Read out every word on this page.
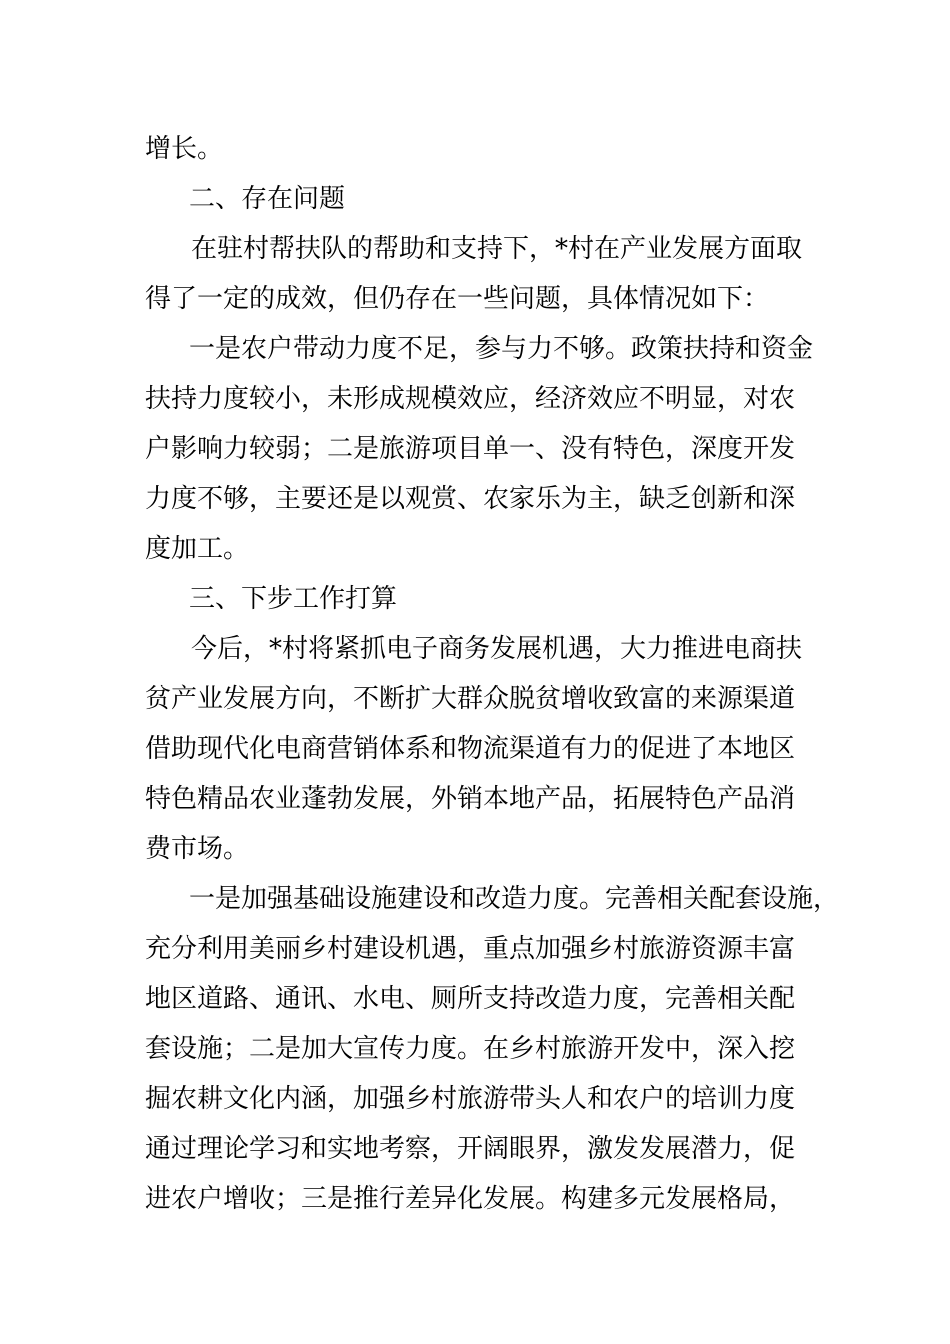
增长。
二、存在问题
在驻村帮扶队的帮助和支持下，*村在产业发展方面取
得了一定的成效，但仍存在一些问题，具体情况如下：
一是农户带动力度不足，参与力不够。政策扶持和资金
扶持力度较小，未形成规模效应，经济效应不明显，对农
户影响力较弱；二是旅游项目单一、没有特色，深度开发
力度不够，主要还是以观赏、农家乐为主，缺乏创新和深
度加工。
三、下步工作打算
今后，*村将紧抓电子商务发展机遇，大力推进电商扶
贫产业发展方向，不断扩大群众脱贫增收致富的来源渠道
借助现代化电商营销体系和物流渠道有力的促进了本地区
特色精品农业蓬勃发展，外销本地产品，拓展特色产品消
费市场。
一是加强基础设施建设和改造力度。完善相关配套设施，
充分利用美丽乡村建设机遇，重点加强乡村旅游资源丰富
地区道路、通讯、水电、厕所支持改造力度，完善相关配
套设施；二是加大宣传力度。在乡村旅游开发中，深入挖
掘农耕文化内涵，加强乡村旅游带头人和农户的培训力度
通过理论学习和实地考察，开阔眼界，激发发展潜力，促
进农户增收；三是推行差异化发展。构建多元发展格局，
